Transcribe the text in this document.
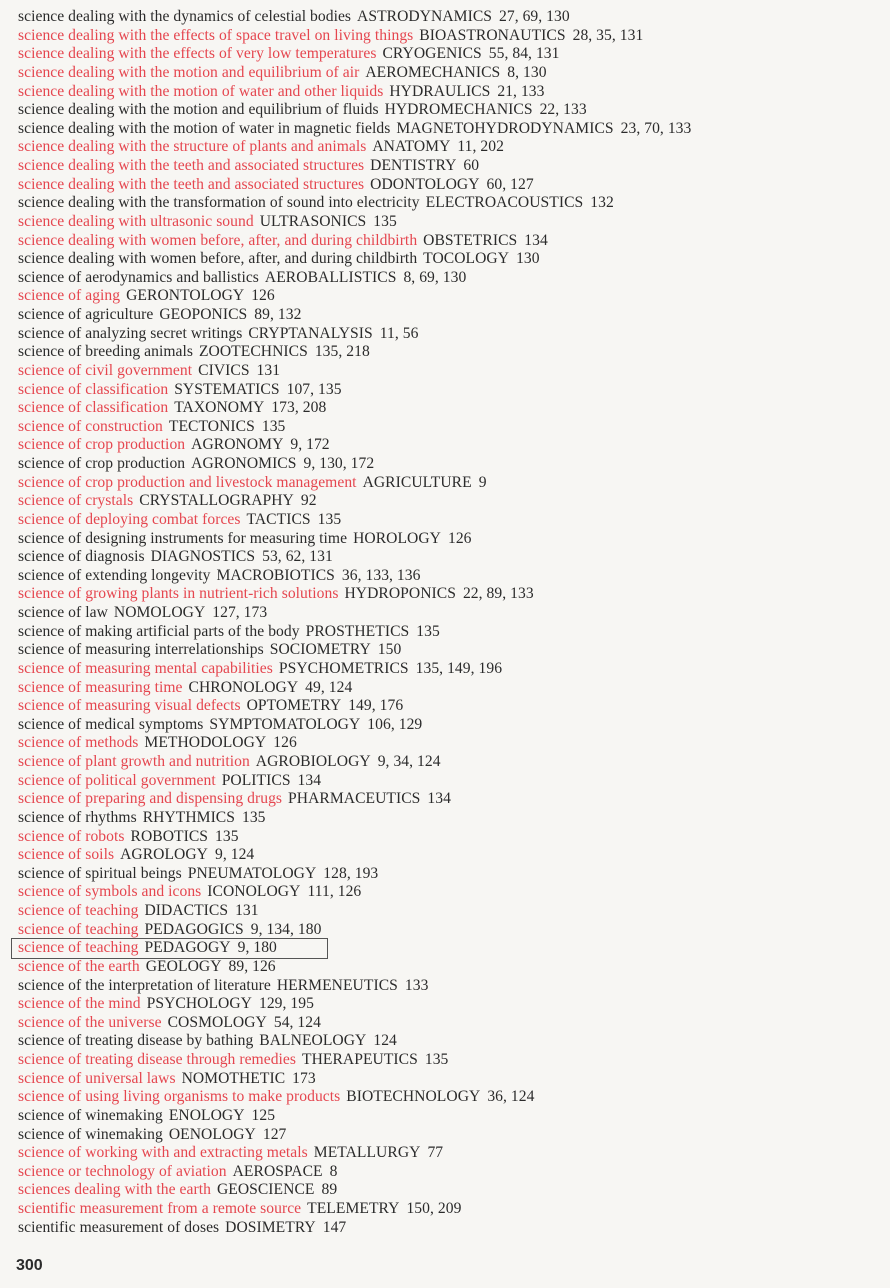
science dealing with the dynamics of celestial bodies ASTRODYNAMICS 27, 69, 130
science dealing with the effects of space travel on living things BIOASTRONAUTICS 28, 35, 131
science dealing with the effects of very low temperatures CRYOGENICS 55, 84, 131
science dealing with the motion and equilibrium of air AEROMECHANICS 8, 130
science dealing with the motion of water and other liquids HYDRAULICS 21, 133
science dealing with the motion and equilibrium of fluids HYDROMECHANICS 22, 133
science dealing with the motion of water in magnetic fields MAGNETOHYDRODYNAMICS 23, 70, 133
science dealing with the structure of plants and animals ANATOMY 11, 202
science dealing with the teeth and associated structures DENTISTRY 60
science dealing with the teeth and associated structures ODONTOLOGY 60, 127
science dealing with the transformation of sound into electricity ELECTROACOUSTICS 132
science dealing with ultrasonic sound ULTRASONICS 135
science dealing with women before, after, and during childbirth OBSTETRICS 134
science dealing with women before, after, and during childbirth TOCOLOGY 130
science of aerodynamics and ballistics AEROBALLISTICS 8, 69, 130
science of aging GERONTOLOGY 126
science of agriculture GEOPONICS 89, 132
science of analyzing secret writings CRYPTANALYSIS 11, 56
science of breeding animals ZOOTECHNICS 135, 218
science of civil government CIVICS 131
science of classification SYSTEMATICS 107, 135
science of classification TAXONOMY 173, 208
science of construction TECTONICS 135
science of crop production AGRONOMY 9, 172
science of crop production AGRONOMICS 9, 130, 172
science of crop production and livestock management AGRICULTURE 9
science of crystals CRYSTALLOGRAPHY 92
science of deploying combat forces TACTICS 135
science of designing instruments for measuring time HOROLOGY 126
science of diagnosis DIAGNOSTICS 53, 62, 131
science of extending longevity MACROBIOTICS 36, 133, 136
science of growing plants in nutrient-rich solutions HYDROPONICS 22, 89, 133
science of law NOMOLOGY 127, 173
science of making artificial parts of the body PROSTHETICS 135
science of measuring interrelationships SOCIOMETRY 150
science of measuring mental capabilities PSYCHOMETRICS 135, 149, 196
science of measuring time CHRONOLOGY 49, 124
science of measuring visual defects OPTOMETRY 149, 176
science of medical symptoms SYMPTOMATOLOGY 106, 129
science of methods METHODOLOGY 126
science of plant growth and nutrition AGROBIOLOGY 9, 34, 124
science of political government POLITICS 134
science of preparing and dispensing drugs PHARMACEUTICS 134
science of rhythms RHYTHMICS 135
science of robots ROBOTICS 135
science of soils AGROLOGY 9, 124
science of spiritual beings PNEUMATOLOGY 128, 193
science of symbols and icons ICONOLOGY 111, 126
science of teaching DIDACTICS 131
science of teaching PEDAGOGICS 9, 134, 180
science of teaching PEDAGOGY 9, 180
science of the earth GEOLOGY 89, 126
science of the interpretation of literature HERMENEUTICS 133
science of the mind PSYCHOLOGY 129, 195
science of the universe COSMOLOGY 54, 124
science of treating disease by bathing BALNEOLOGY 124
science of treating disease through remedies THERAPEUTICS 135
science of universal laws NOMOTHETIC 173
science of using living organisms to make products BIOTECHNOLOGY 36, 124
science of winemaking ENOLOGY 125
science of winemaking OENOLOGY 127
science of working with and extracting metals METALLURGY 77
science or technology of aviation AEROSPACE 8
sciences dealing with the earth GEOSCIENCE 89
scientific measurement from a remote source TELEMETRY 150, 209
scientific measurement of doses DOSIMETRY 147
300
